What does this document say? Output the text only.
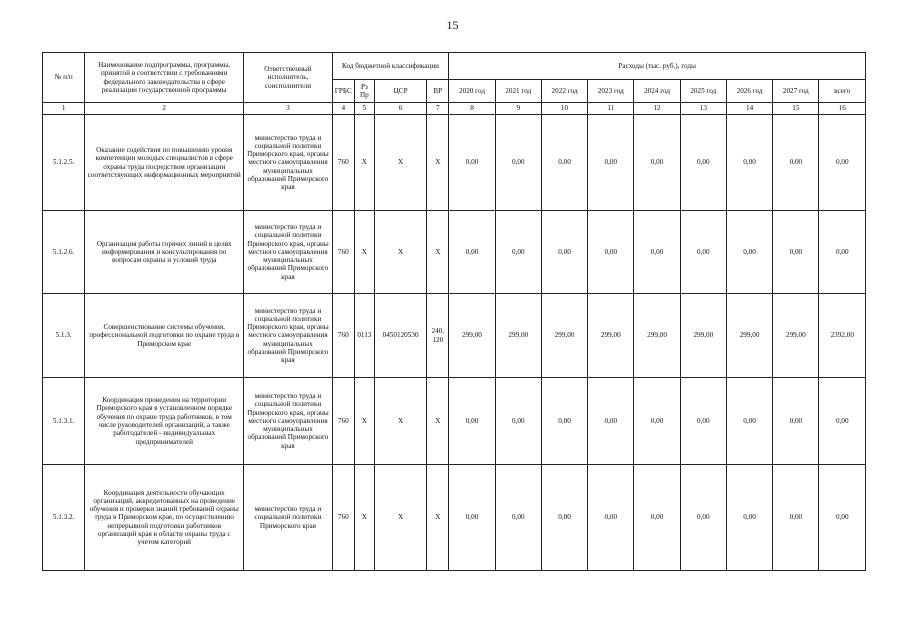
15
№ п/п	Наименование подпрограммы, программы, принятой в соответствии с требованиями федерального законодательства в сфере реализации государственной программы	Ответственный исполнитель, соисполнители	Код бюджетной классификации				Расходы (тыс. руб.), годы								
			ГРБС	Рз Пр	ЦСР	ВР	2020 год	2021 год	2022 год	2023 год	2024 год	2025 год	2026 год	2027 год	всего
1	2	3	4	5	6	7	8	9	10	11	12	13	14	15	16
5.1.2.5.	Оказание содействия по повышению уровня компетенции молодых специалистов в сфере охраны труда посредством организации соответствующих информационных мероприятий	министерство труда и социальной политики Приморского края, органы местного самоуправления муниципальных образований Приморского края	760	X	X	X	0,00	0,00	0,00	0,00	0,00	0,00	0,00	0,00	0,00
5.1.2.6.	Организация работы горячих линий в целях информирования и консультирования по вопросам охраны и условий труда	министерство труда и социальной политики Приморского края, органы местного самоуправления муниципальных образований Приморского края	760	X	X	X	0,00	0,00	0,00	0,00	0,00	0,00	0,00	0,00	0,00
5.1.3.	Совершенствование системы обучения, профессиональной подготовки по охране труда в Приморском крае	министерство труда и социальной политики Приморского края, органы местного самоуправления муниципальных образований Приморского края	760	0113	0450120530	240, 120	299,00	299,00	299,00	299,00	299,00	299,00	299,00	299,00	2392,00
5.1.3.1.	Координация проведения на территории Приморского края в установленном порядке обучения по охране труда работников, в том числе руководителей организаций, а также работодателей - индивидуальных предпринимателей	министерство труда и социальной политики Приморского края, органы местного самоуправления муниципальных образований Приморского края	760	X	X	X	0,00	0,00	0,00	0,00	0,00	0,00	0,00	0,00	0,00
5.1.3.2.	Координация деятельности обучающих организаций, аккредитованных на проведение обучения и проверки знаний требований охраны труда в Приморском крае, по осуществлению непрерывной подготовки работников организаций края в области охраны труда с учетом категорий	министерство труда и социальной политики Приморского края	760	X	X	X	0,00	0,00	0,00	0,00	0,00	0,00	0,00	0,00	0,00
